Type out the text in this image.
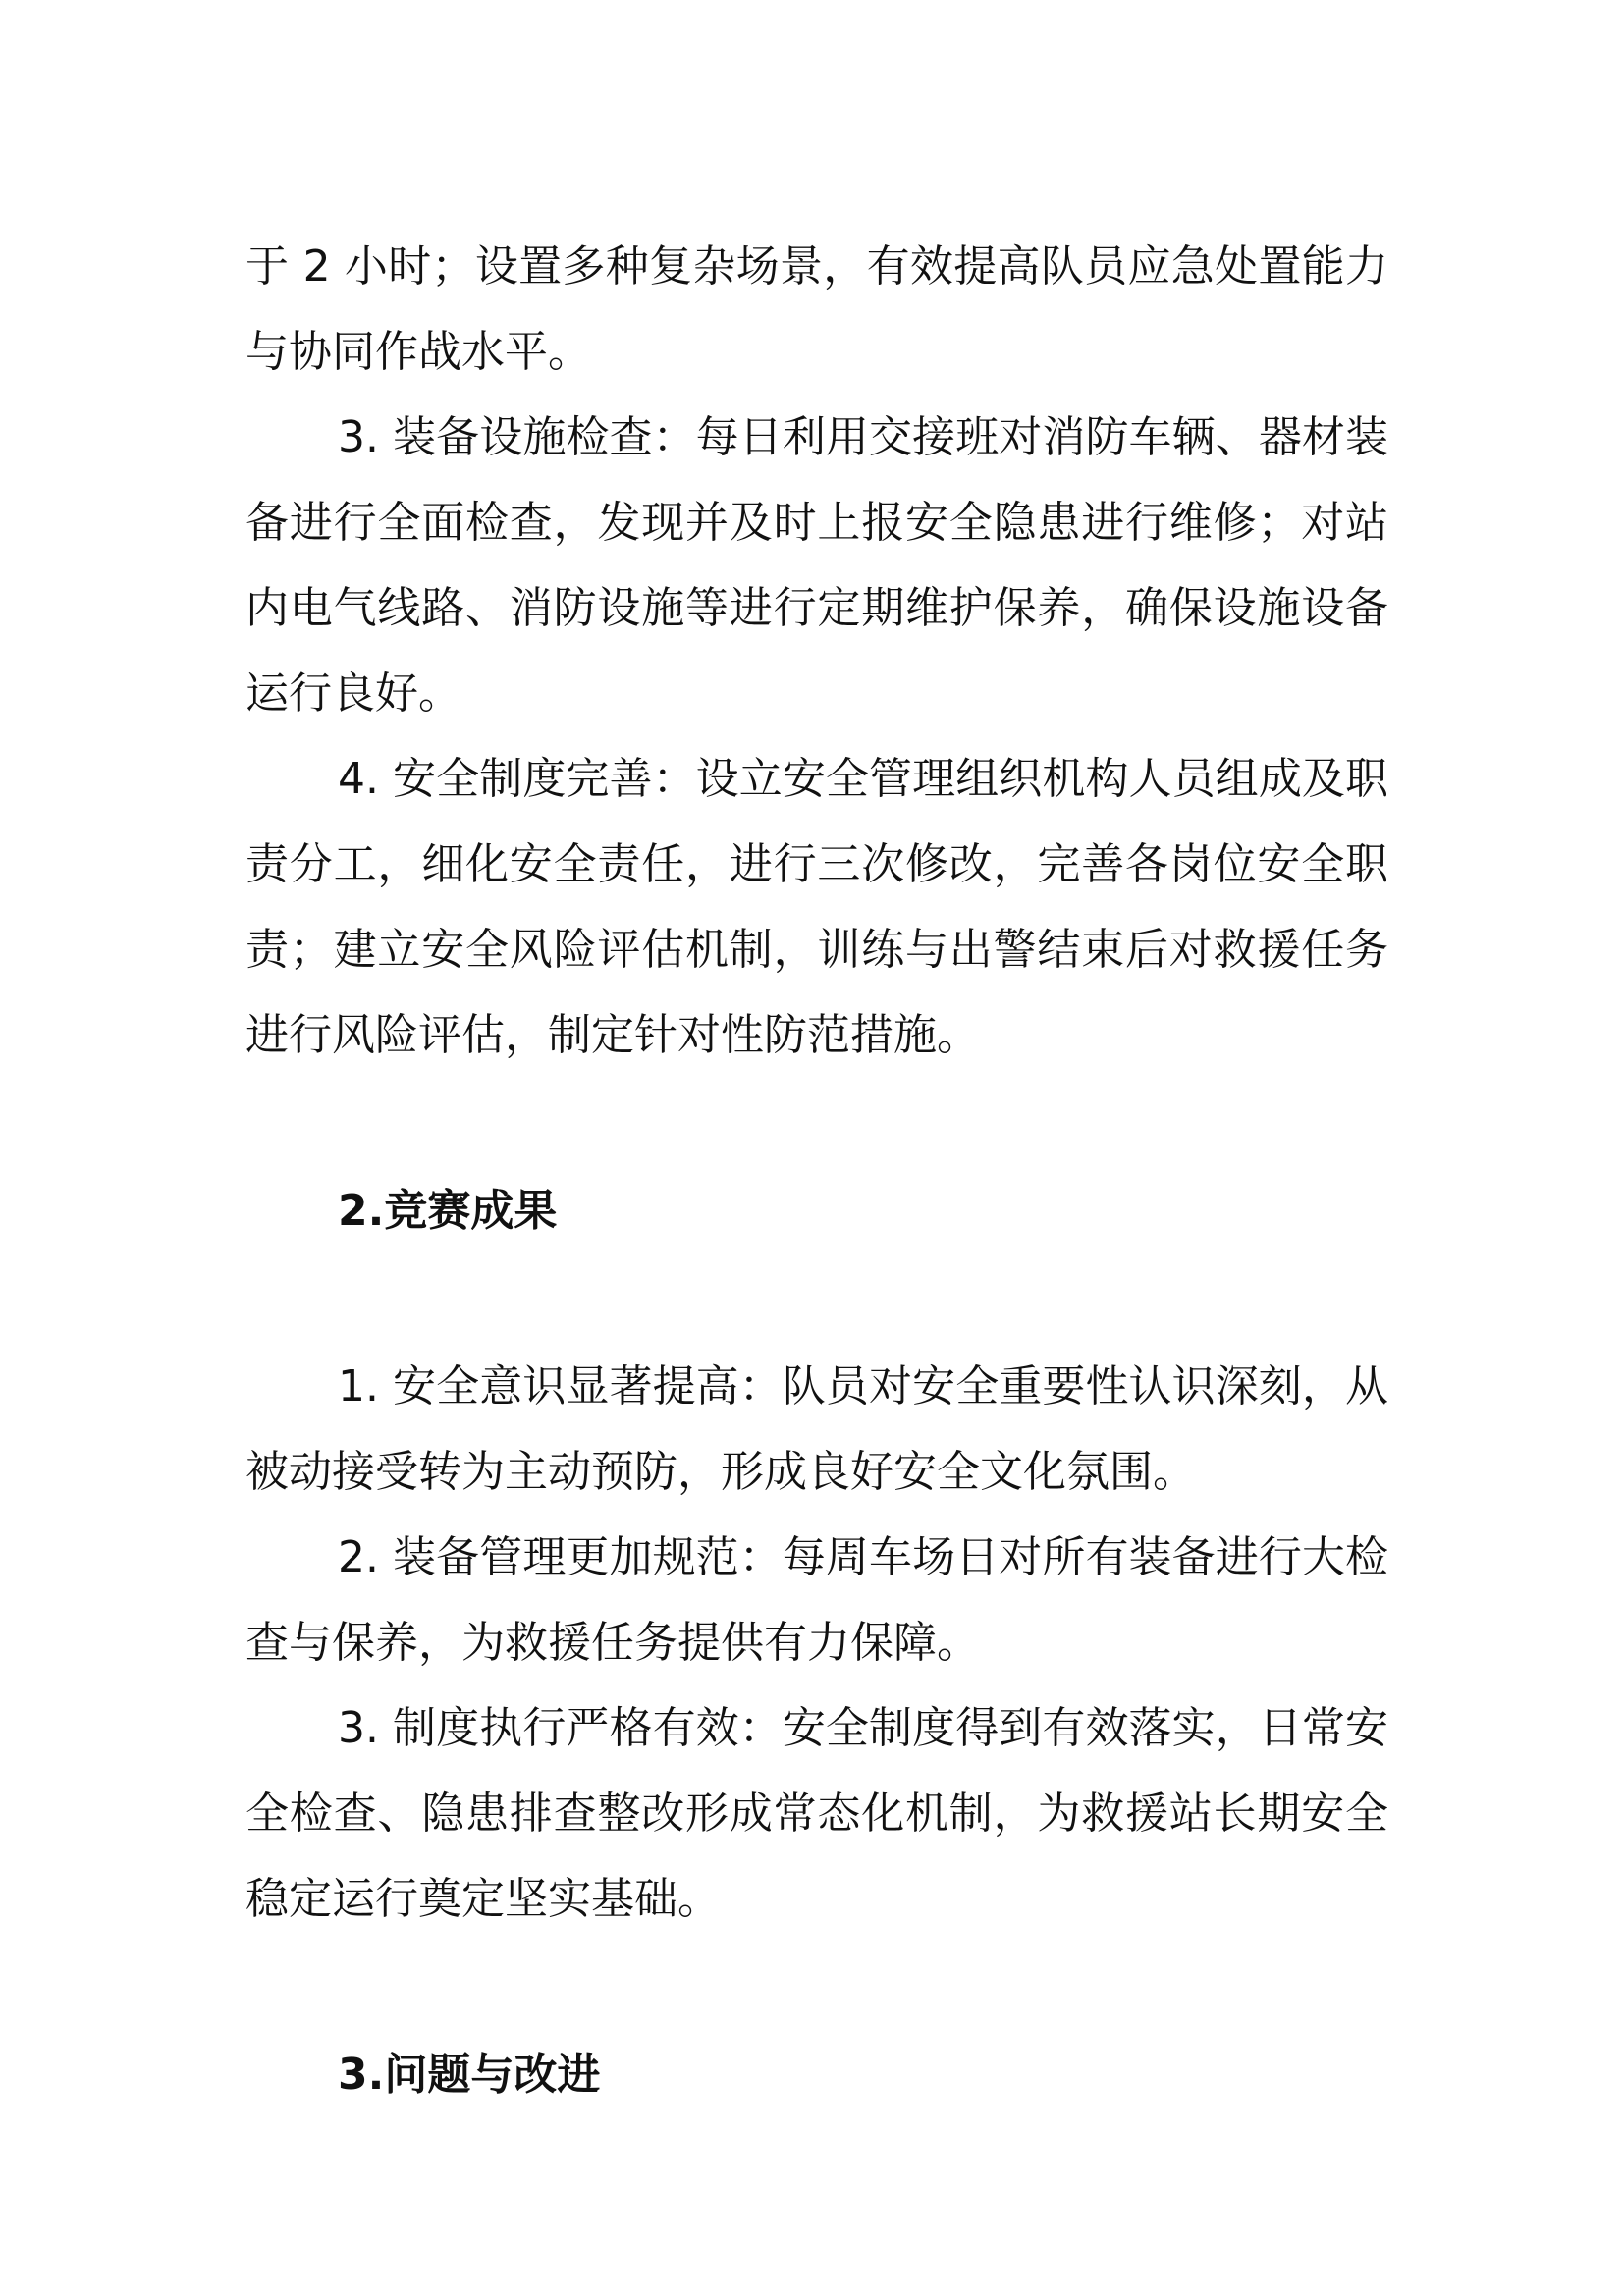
于 2 小时；设置多种复杂场景，有效提高队员应急处置能力与协同作战水平。

3. 装备设施检查：每日利用交接班对消防车辆、器材装备进行全面检查，发现并及时上报安全隐患进行维修；对站内电气线路、消防设施等进行定期维护保养，确保设施设备运行良好。

4. 安全制度完善：设立安全管理组织机构人员组成及职责分工，细化安全责任，进行三次修改，完善各岗位安全职责；建立安全风险评估机制，训练与出警结束后对救援任务进行风险评估，制定针对性防范措施。

2.竞赛成果

1. 安全意识显著提高：队员对安全重要性认识深刻，从被动接受转为主动预防，形成良好安全文化氛围。

2. 装备管理更加规范：每周车场日对所有装备进行大检查与保养，为救援任务提供有力保障。

3. 制度执行严格有效：安全制度得到有效落实，日常安全检查、隐患排查整改形成常态化机制，为救援站长期安全稳定运行奠定坚实基础。

3.问题与改进
